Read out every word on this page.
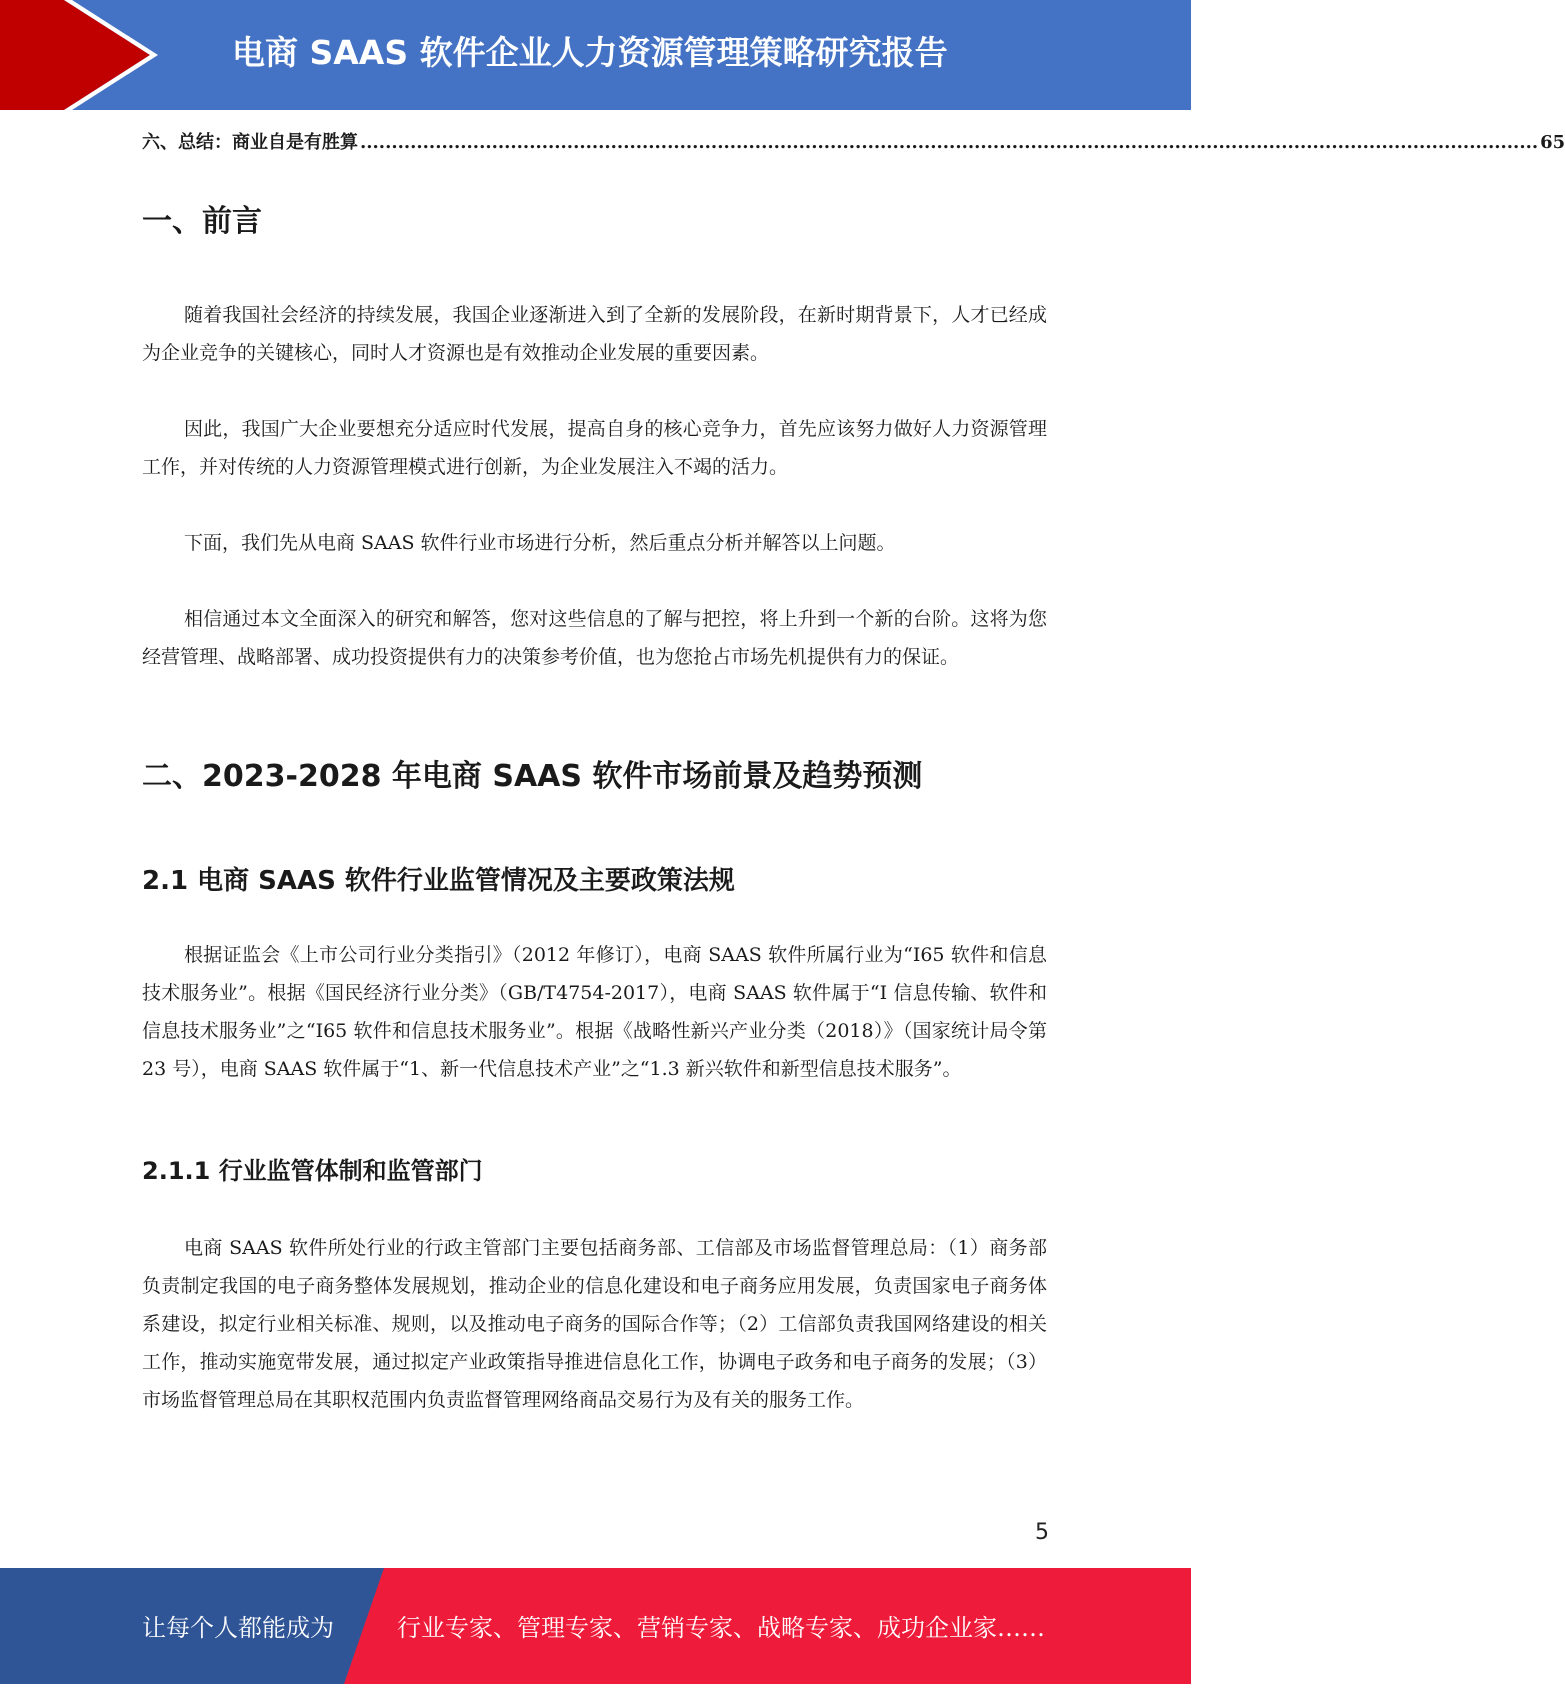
电商 SAAS 软件企业人力资源管理策略研究报告
六、总结：商业自是有胜算 ............................................................................................................................................................................................ 65
一、前言

随着我国社会经济的持续发展，我国企业逐渐进入到了全新的发展阶段，在新时期背景下，人才已经成为企业竞争的关键核心，同时人才资源也是有效推动企业发展的重要因素。

因此，我国广大企业要想充分适应时代发展，提高自身的核心竞争力，首先应该努力做好人力资源管理工作，并对传统的人力资源管理模式进行创新，为企业发展注入不竭的活力。

下面，我们先从电商 SAAS 软件行业市场进行分析，然后重点分析并解答以上问题。

相信通过本文全面深入的研究和解答，您对这些信息的了解与把控，将上升到一个新的台阶。这将为您经营管理、战略部署、成功投资提供有力的决策参考价值，也为您抢占市场先机提供有力的保证。

二、2023-2028 年电商 SAAS 软件市场前景及趋势预测
2.1 电商 SAAS 软件行业监管情况及主要政策法规

根据证监会《上市公司行业分类指引》（2012 年修订），电商 SAAS 软件所属行业为“I65 软件和信息技术服务业”。根据《国民经济行业分类》（GB/T4754-2017），电商 SAAS 软件属于“I 信息传输、软件和信息技术服务业”之“I65 软件和信息技术服务业”。根据《战略性新兴产业分类（2018）》（国家统计局令第 23 号），电商 SAAS 软件属于“1、新一代信息技术产业”之“1.3 新兴软件和新型信息技术服务”。

2.1.1 行业监管体制和监管部门

电商 SAAS 软件所处行业的行政主管部门主要包括商务部、工信部及市场监督管理总局：（1）商务部负责制定我国的电子商务整体发展规划，推动企业的信息化建设和电子商务应用发展，负责国家电子商务体系建设，拟定行业相关标准、规则，以及推动电子商务的国际合作等；（2）工信部负责我国网络建设的相关工作，推动实施宽带发展，通过拟定产业政策指导推进信息化工作，协调电子政务和电子商务的发展；（3）市场监督管理总局在其职权范围内负责监督管理网络商品交易行为及有关的服务工作。

5
让每个人都能成为	行业专家、管理专家、营销专家、战略专家、成功企业家……
